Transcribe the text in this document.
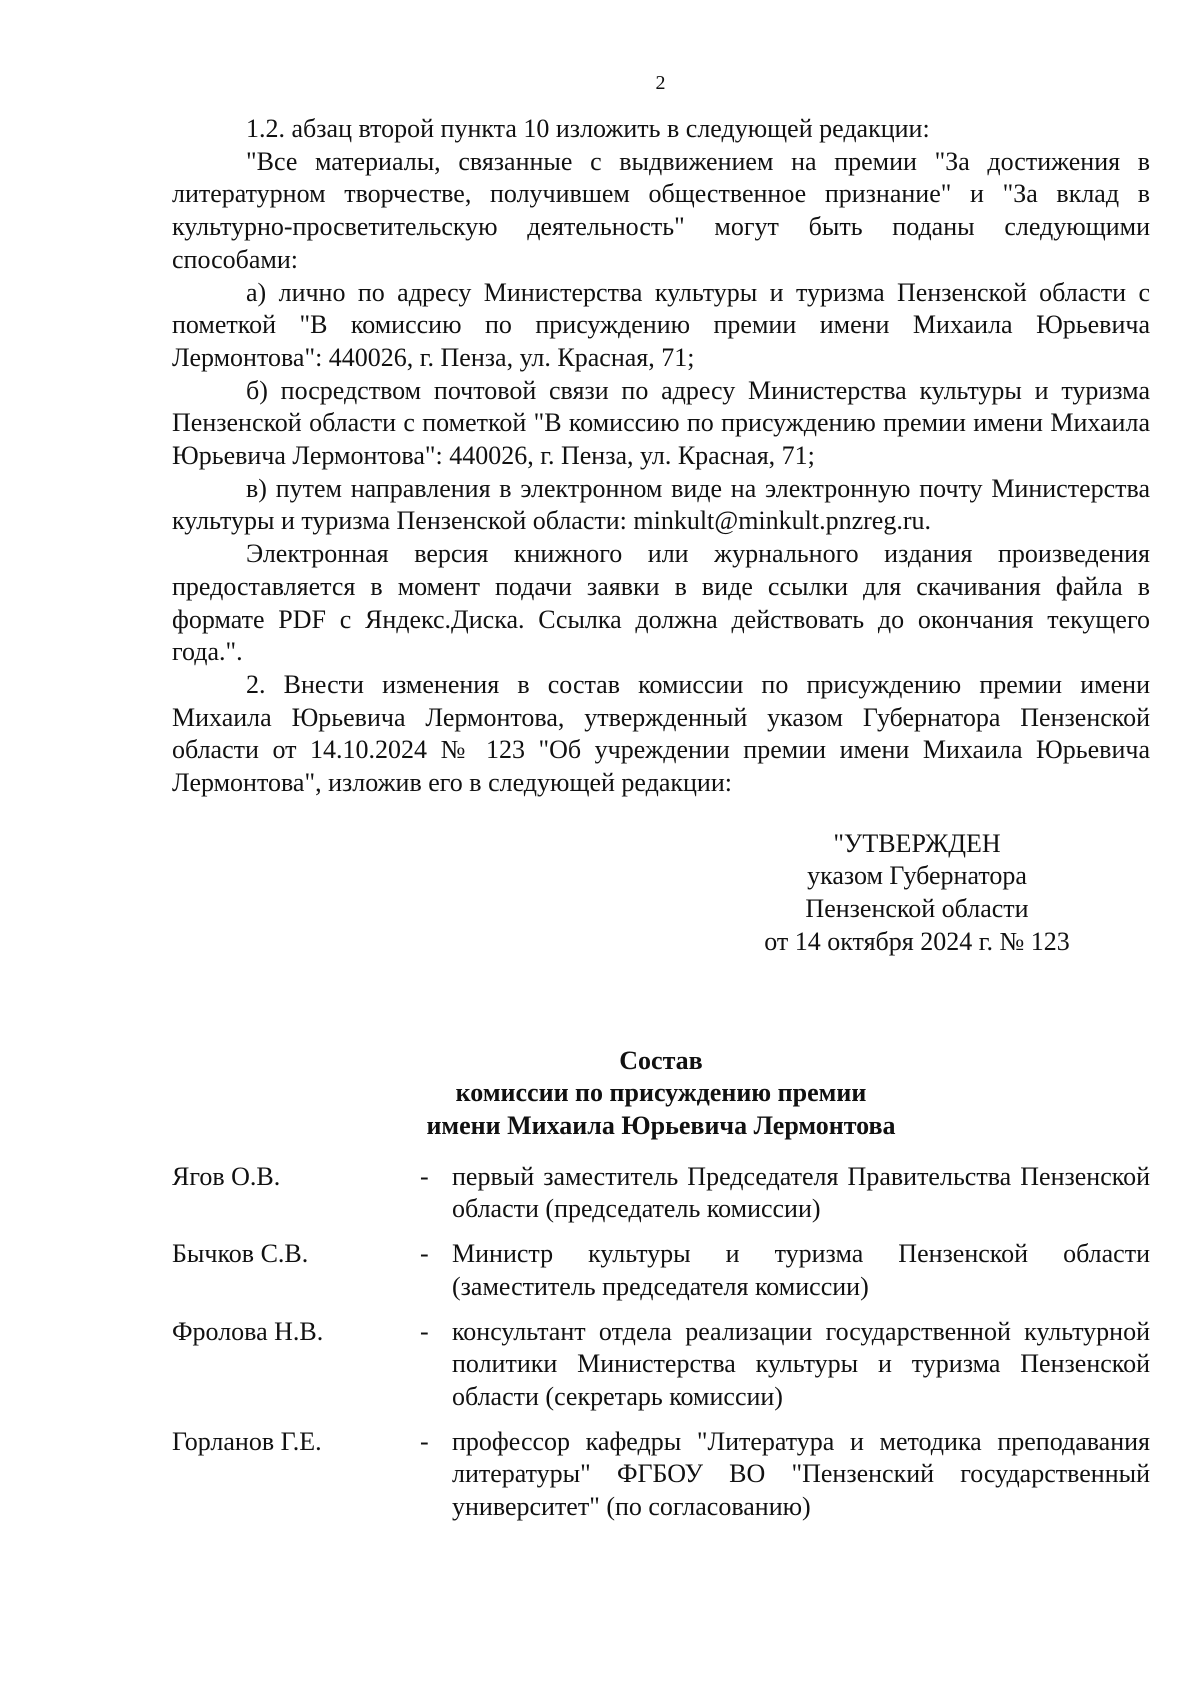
2

1.2. абзац второй пункта 10 изложить в следующей редакции:

"Все материалы, связанные с выдвижением на премии "За достижения в литературном творчестве, получившем общественное признание" и "За вклад в культурно-просветительскую деятельность" могут быть поданы следующими способами:

а) лично по адресу Министерства культуры и туризма Пензенской области с пометкой "В комиссию по присуждению премии имени Михаила Юрьевича Лермонтова": 440026, г. Пенза, ул. Красная, 71;

б) посредством почтовой связи по адресу Министерства культуры и туризма Пензенской области с пометкой "В комиссию по присуждению премии имени Михаила Юрьевича Лермонтова": 440026, г. Пенза, ул. Красная, 71;

в) путем направления в электронном виде на электронную почту Министерства культуры и туризма Пензенской области: minkult@minkult.pnzreg.ru.

Электронная версия книжного или журнального издания произведения предоставляется в момент подачи заявки в виде ссылки для скачивания файла в формате PDF с Яндекс.Диска. Ссылка должна действовать до окончания текущего года.".

2. Внести изменения в состав комиссии по присуждению премии имени Михаила Юрьевича Лермонтова, утвержденный указом Губернатора Пензенской области от 14.10.2024 № 123 "Об учреждении премии имени Михаила Юрьевича Лермонтова", изложив его в следующей редакции:

"УТВЕРЖДЕН
указом Губернатора
Пензенской области
от 14 октября 2024 г. № 123
Состав
комиссии по присуждению премии
имени Михаила Юрьевича Лермонтова
Ягов О.В.	- первый заместитель Председателя Правительства Пензенской области (председатель комиссии)
Бычков С.В.	- Министр культуры и туризма Пензенской области (заместитель председателя комиссии)
Фролова Н.В.	- консультант отдела реализации государственной культурной политики Министерства культуры и туризма Пензенской области (секретарь комиссии)
Горланов Г.Е.	- профессор кафедры "Литература и методика преподавания литературы" ФГБОУ ВО "Пензенский государственный университет" (по согласованию)
